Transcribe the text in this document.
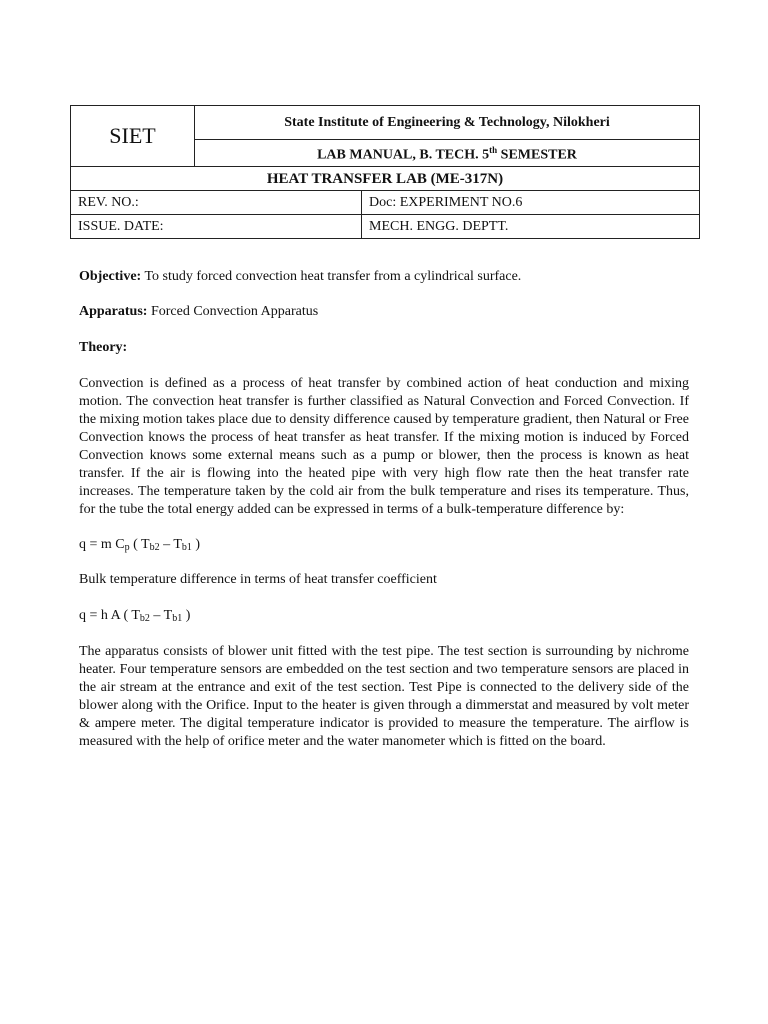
SIET	State Institute of Engineering & Technology, Nilokheri	
	LAB MANUAL, B. TECH. 5th SEMESTER	
HEAT TRANSFER LAB (ME-317N)		
REV. NO.:		Doc: EXPERIMENT NO.6
ISSUE. DATE:		MECH. ENGG. DEPTT.

Objective: To study forced convection heat transfer from a cylindrical surface.

Apparatus: Forced Convection Apparatus

Theory:

Convection is defined as a process of heat transfer by combined action of heat conduction and mixing motion. The convection heat transfer is further classified as Natural Convection and Forced Convection. If the mixing motion takes place due to density difference caused by temperature gradient, then Natural or Free Convection knows the process of heat transfer as heat transfer. If the mixing motion is induced by Forced Convection knows some external means such as a pump or blower, then the process is known as heat transfer. If the air is flowing into the heated pipe with very high flow rate then the heat transfer rate increases. The temperature taken by the cold air from the bulk temperature and rises its temperature. Thus, for the tube the total energy added can be expressed in terms of a bulk-temperature difference by:

q = m $C_p$ ( $T_{b2} - T_{b1}$ )

Bulk temperature difference in terms of heat transfer coefficient

q = h A ( $T_{b2} - T_{b1}$ )

The apparatus consists of blower unit fitted with the test pipe. The test section is surrounding by nichrome heater. Four temperature sensors are embedded on the test section and two temperature sensors are placed in the air stream at the entrance and exit of the test section. Test Pipe is connected to the delivery side of the blower along with the Orifice. Input to the heater is given through a dimmerstat and measured by volt meter & ampere meter. The digital temperature indicator is provided to measure the temperature. The airflow is measured with the help of orifice meter and the water manometer which is fitted on the board.
